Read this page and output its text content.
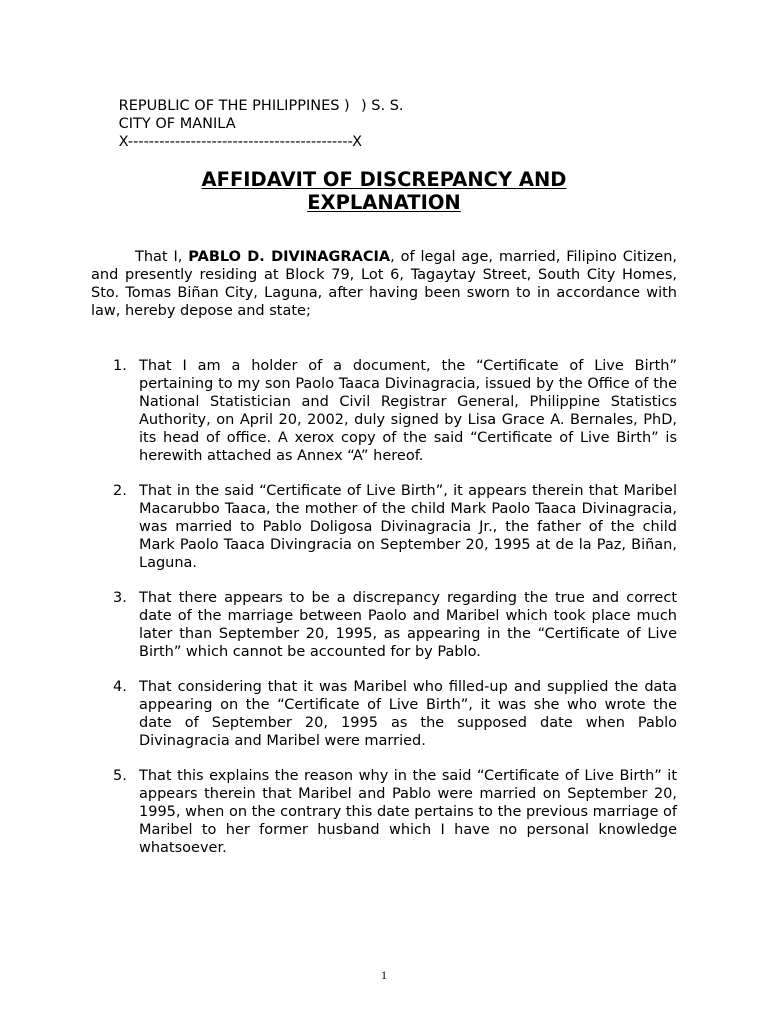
REPUBLIC OF THE PHILIPPINES )

CITY OF MANILA

) S. S.

X-------------------------------------------X

AFFIDAVIT OF DISCREPANCY AND
EXPLANATION

That I, PABLO D. DIVINAGRACIA, of legal age, married, Filipino Citizen, and presently residing at Block 79, Lot 6, Tagaytay Street, South City Homes, Sto. Tomas Biñan City, Laguna, after having been sworn to in accordance with law, hereby depose and state;

1. That I am a holder of a document, the “Certificate of Live Birth” pertaining to my son Paolo Taaca Divinagracia, issued by the Office of the National Statistician and Civil Registrar General, Philippine Statistics Authority, on April 20, 2002, duly signed by Lisa Grace A. Bernales, PhD, its head of office. A xerox copy of the said “Certificate of Live Birth” is herewith attached as Annex “A” hereof.
2. That in the said “Certificate of Live Birth”, it appears therein that Maribel Macarubbo Taaca, the mother of the child Mark Paolo Taaca Divinagracia, was married to Pablo Doligosa Divinagracia Jr., the father of the child Mark Paolo Taaca Divingracia on September 20, 1995 at de la Paz, Biñan, Laguna.
3. That there appears to be a discrepancy regarding the true and correct date of the marriage between Paolo and Maribel which took place much later than September 20, 1995, as appearing in the “Certificate of Live Birth” which cannot be accounted for by Pablo.
4. That considering that it was Maribel who filled-up and supplied the data appearing on the “Certificate of Live Birth”, it was she who wrote the date of September 20, 1995 as the supposed date when Pablo Divinagracia and Maribel were married.
5. That this explains the reason why in the said “Certificate of Live Birth” it appears therein that Maribel and Pablo were married on September 20, 1995, when on the contrary this date pertains to the previous marriage of Maribel to her former husband which I have no personal knowledge whatsoever.
1
